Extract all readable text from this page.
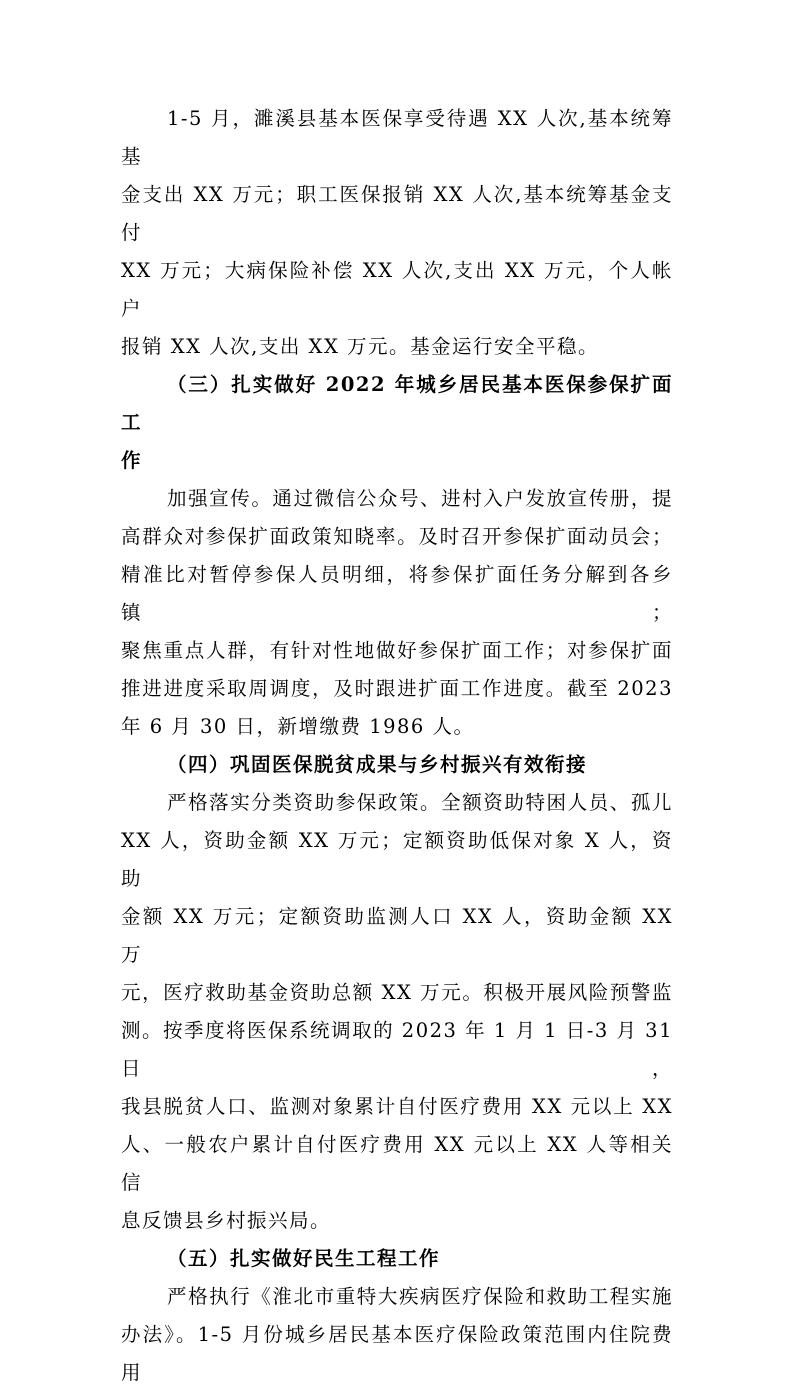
1-5 月，濉溪县基本医保享受待遇 XX 人次,基本统筹基

金支出 XX 万元；职工医保报销 XX 人次,基本统筹基金支付

XX 万元；大病保险补偿 XX 人次,支出 XX 万元，个人帐户

报销 XX 人次,支出 XX 万元。基金运行安全平稳。

（三）扎实做好 2022 年城乡居民基本医保参保扩面工

作

加强宣传。通过微信公众号、进村入户发放宣传册，提

高群众对参保扩面政策知晓率。及时召开参保扩面动员会；

精准比对暂停参保人员明细，将参保扩面任务分解到各乡镇；

聚焦重点人群，有针对性地做好参保扩面工作；对参保扩面

推进进度采取周调度，及时跟进扩面工作进度。截至 2023

年 6 月 30 日，新增缴费 1986 人。

（四）巩固医保脱贫成果与乡村振兴有效衔接

严格落实分类资助参保政策。全额资助特困人员、孤儿

XX 人，资助金额 XX 万元；定额资助低保对象 X 人，资助

金额 XX 万元；定额资助监测人口 XX 人，资助金额 XX 万

元，医疗救助基金资助总额 XX 万元。积极开展风险预警监

测。按季度将医保系统调取的 2023 年 1 月 1 日-3 月 31 日，

我县脱贫人口、监测对象累计自付医疗费用 XX 元以上 XX

人、一般农户累计自付医疗费用 XX 元以上 XX 人等相关信

息反馈县乡村振兴局。

（五）扎实做好民生工程工作

严格执行《淮北市重特大疾病医疗保险和救助工程实施

办法》。1-5 月份城乡居民基本医疗保险政策范围内住院费用
